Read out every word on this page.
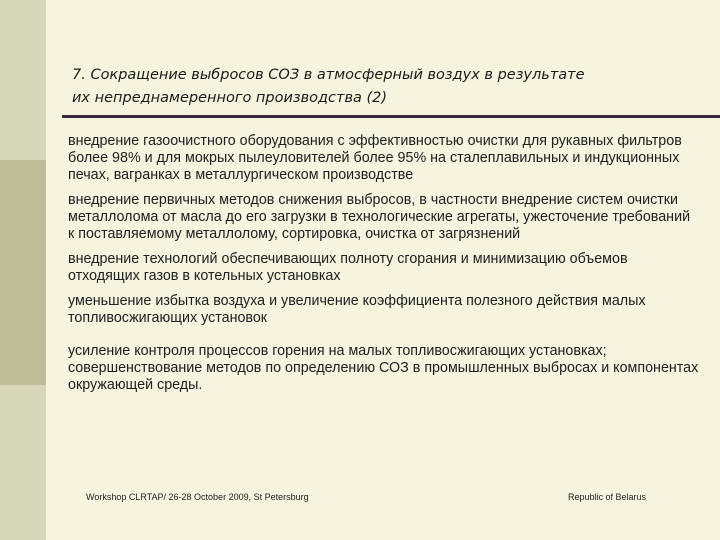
7. Сокращение выбросов СОЗ в атмосферный воздух в результате
их непреднамеренного производства (2)

внедрение газоочистного оборудования с эффективностью очистки для рукавных фильтров более 98% и для мокрых пылеуловителей более 95% на сталеплавильных и индукционных печах, вагранках в металлургическом производстве

внедрение первичных методов снижения выбросов, в частности внедрение систем очистки металлолома от масла до его загрузки в технологические агрегаты, ужесточение требований к поставляемому металлолому, сортировка, очистка от загрязнений

внедрение технологий обеспечивающих полноту сгорания и минимизацию объемов отходящих газов в котельных установках

уменьшение избытка воздуха и увеличение коэффициента полезного действия малых топливосжигающих установок

усиление контроля процессов горения на малых топливосжигающих установках; совершенствование методов по определению СОЗ в промышленных выбросах и компонентах окружающей среды.

Workshop CLRTAP/ 26-28 October 2009, St Petersburg	Republic of Belarus
